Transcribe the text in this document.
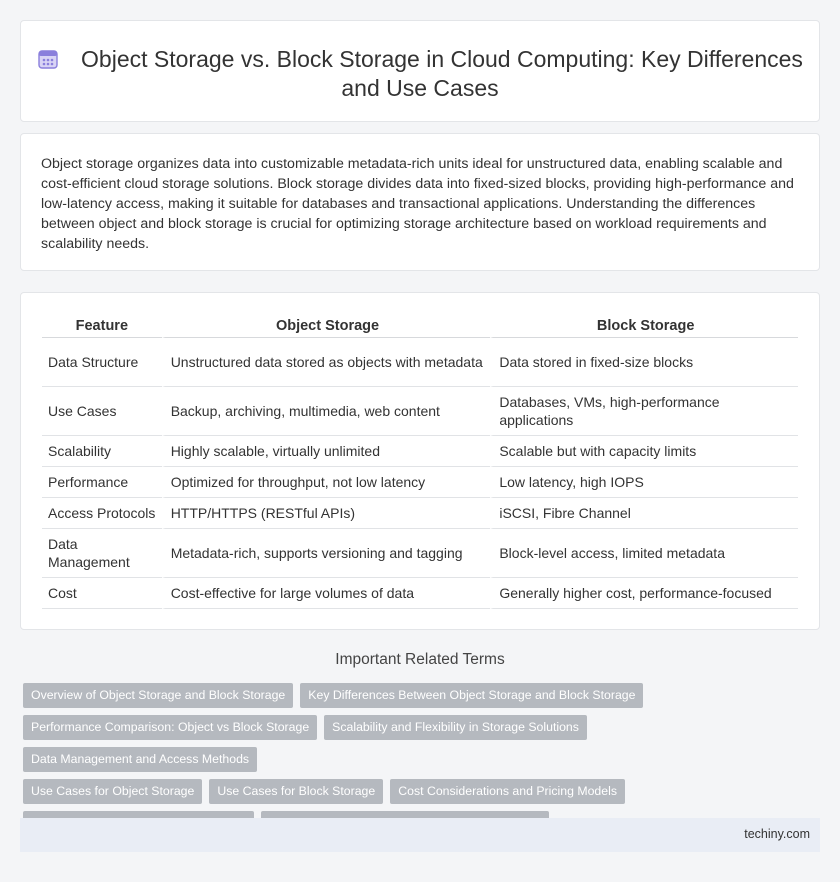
Object Storage vs. Block Storage in Cloud Computing: Key Differences and Use Cases

Object storage organizes data into customizable metadata-rich units ideal for unstructured data, enabling scalable and cost-efficient cloud storage solutions. Block storage divides data into fixed-sized blocks, providing high-performance and low-latency access, making it suitable for databases and transactional applications. Understanding the differences between object and block storage is crucial for optimizing storage architecture based on workload requirements and scalability needs.

Feature	Object Storage	Block Storage
Data Structure	Unstructured data stored as objects with metadata	Data stored in fixed-size blocks
Use Cases	Backup, archiving, multimedia, web content	Databases, VMs, high-performance applications
Scalability	Highly scalable, virtually unlimited	Scalable but with capacity limits
Performance	Optimized for throughput, not low latency	Low latency, high IOPS
Access Protocols	HTTP/HTTPS (RESTful APIs)	iSCSI, Fibre Channel
Data Management	Metadata-rich, supports versioning and tagging	Block-level access, limited metadata
Cost	Cost-effective for large volumes of data	Generally higher cost, performance-focused
Important Related Terms
Overview of Object Storage and Block Storage Key Differences Between Object Storage and Block Storage
Performance Comparison: Object vs Block Storage Scalability and Flexibility in Storage SolutionsData Management and Access Methods
Use Cases for Object Storage Use Cases for Block Storage Cost Considerations and Pricing Models

techiny.com
